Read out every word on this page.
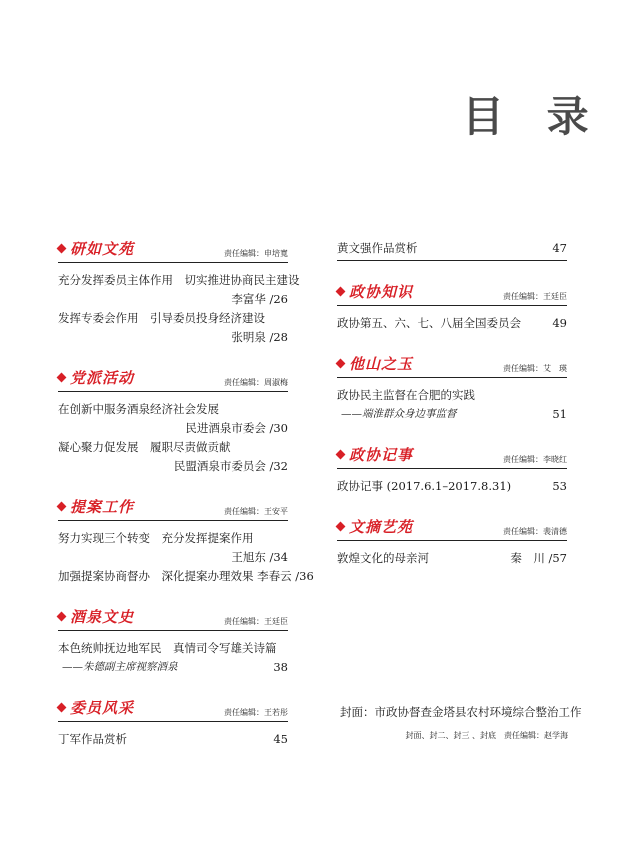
目 录
研如文苑	责任编辑：申培寬
充分发挥委员主体作用　切实推进协商民主建设
李富华 /26
发挥专委会作用　引导委员投身经济建设
张明泉 /28
党派活动	责任编辑：周淑梅
在创新中服务酒泉经济社会发展
民进酒泉市委会 /30
凝心聚力促发展　履职尽责做贡献
民盟酒泉市委员会 /32
提案工作	责任编辑：王安平
努力实现三个转变　充分发挥提案作用
王旭东 /34
加强提案协商督办　深化提案办理效果 李春云 /36
酒泉文史	责任编辑：王廷臣
本色统帅抚边地军民　真情司令写雄关诗篇
——朱德副主席视察酒泉	38
委员风采	责任编辑：王若彤
丁军作品赏析	45
黄文强作品赏析	47
政协知识	责任编辑：王廷臣
政协第五、六、七、八届全国委员会	49
他山之玉	责任编辑：艾　瑛
政协民主监督在合肥的实践
——端淮群众身边事监督	51
政协记事	责任编辑：李晓红
政协记事 (2017.6.1–2017.8.31)	53
文摘艺苑	责任编辑：裴清德
敦煌文化的母亲河	秦　川 /57
封面：市政协督查金塔县农村环境综合整治工作
封面、封二、封三 、封底　责任编辑：赵学海
